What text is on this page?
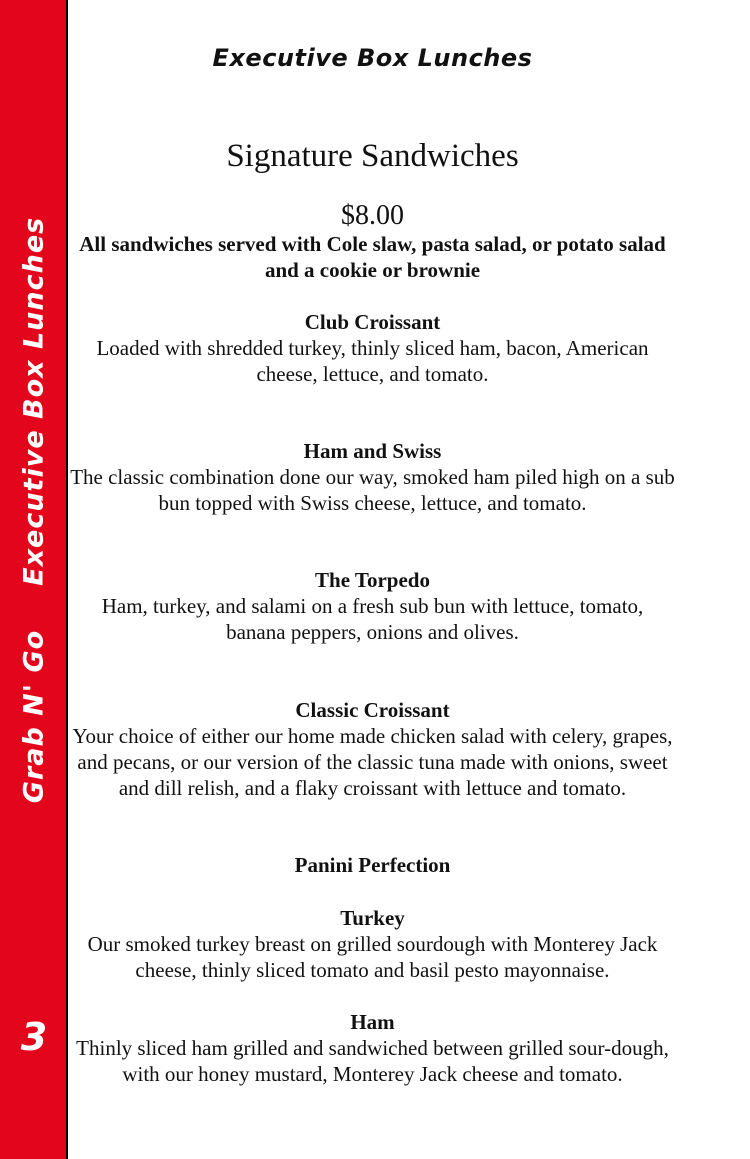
Grab N' GoExecutive Box Lunches
3
Executive Box Lunches
Signature Sandwiches
$8.00
All sandwiches served with Cole slaw, pasta salad, or potato salad and a cookie or brownie
Club Croissant
Loaded with shredded turkey, thinly sliced ham, bacon, American cheese, lettuce, and tomato.
Ham and Swiss
The classic combination done our way, smoked ham piled high on a sub bun topped with Swiss cheese, lettuce, and tomato.
The Torpedo
Ham, turkey, and salami on a fresh sub bun with lettuce, tomato, banana peppers, onions and olives.
Classic Croissant
Your choice of either our home made chicken salad with celery, grapes, and pecans, or our version of the classic tuna made with onions, sweet and dill relish, and a flaky croissant with lettuce and tomato.
Panini Perfection
Turkey
Our smoked turkey breast on grilled sourdough with Monterey Jack cheese, thinly sliced tomato and basil pesto mayonnaise.
Ham
Thinly sliced ham grilled and sandwiched between grilled sour-dough, with our honey mustard, Monterey Jack cheese and tomato.
